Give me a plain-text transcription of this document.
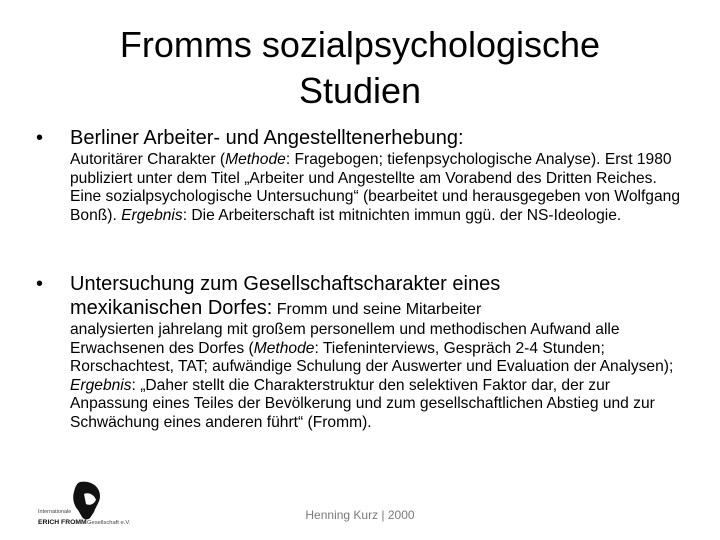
Fromms sozialpsychologische
Studien
• Berliner Arbeiter- und Angestelltenerhebung:

Autoritärer Charakter (Methode: Fragebogen; tiefenpsychologische Analyse). Erst 1980 publiziert unter dem Titel „Arbeiter und Angestellte am Vorabend des Dritten Reiches. Eine sozialpsychologische Untersuchung“ (bearbeitet und herausgegeben von Wolfgang Bonß). Ergebnis: Die Arbeiterschaft ist mitnichten immun ggü. der NS-Ideologie.

• Untersuchung zum Gesellschaftscharakter eines
mexikanischen Dorfes: Fromm und seine Mitarbeiter

analysierten jahrelang mit großem personellem und methodischen Aufwand alle Erwachsenen des Dorfes (Methode: Tiefeninterviews, Gespräch 2-4 Stunden; Rorschachtest, TAT; aufwändige Schulung der Auswerter und Evaluation der Analysen); Ergebnis: „Daher stellt die Charakterstruktur den selektiven Faktor dar, der zur Anpassung eines Teiles der Bevölkerung und zum gesellschaftlichen Abstieg und zur Schwächung eines anderen führt“ (Fromm).

Internationale
ERICH FROMM Gesellschaft e.V.
Henning Kurz | 2000
